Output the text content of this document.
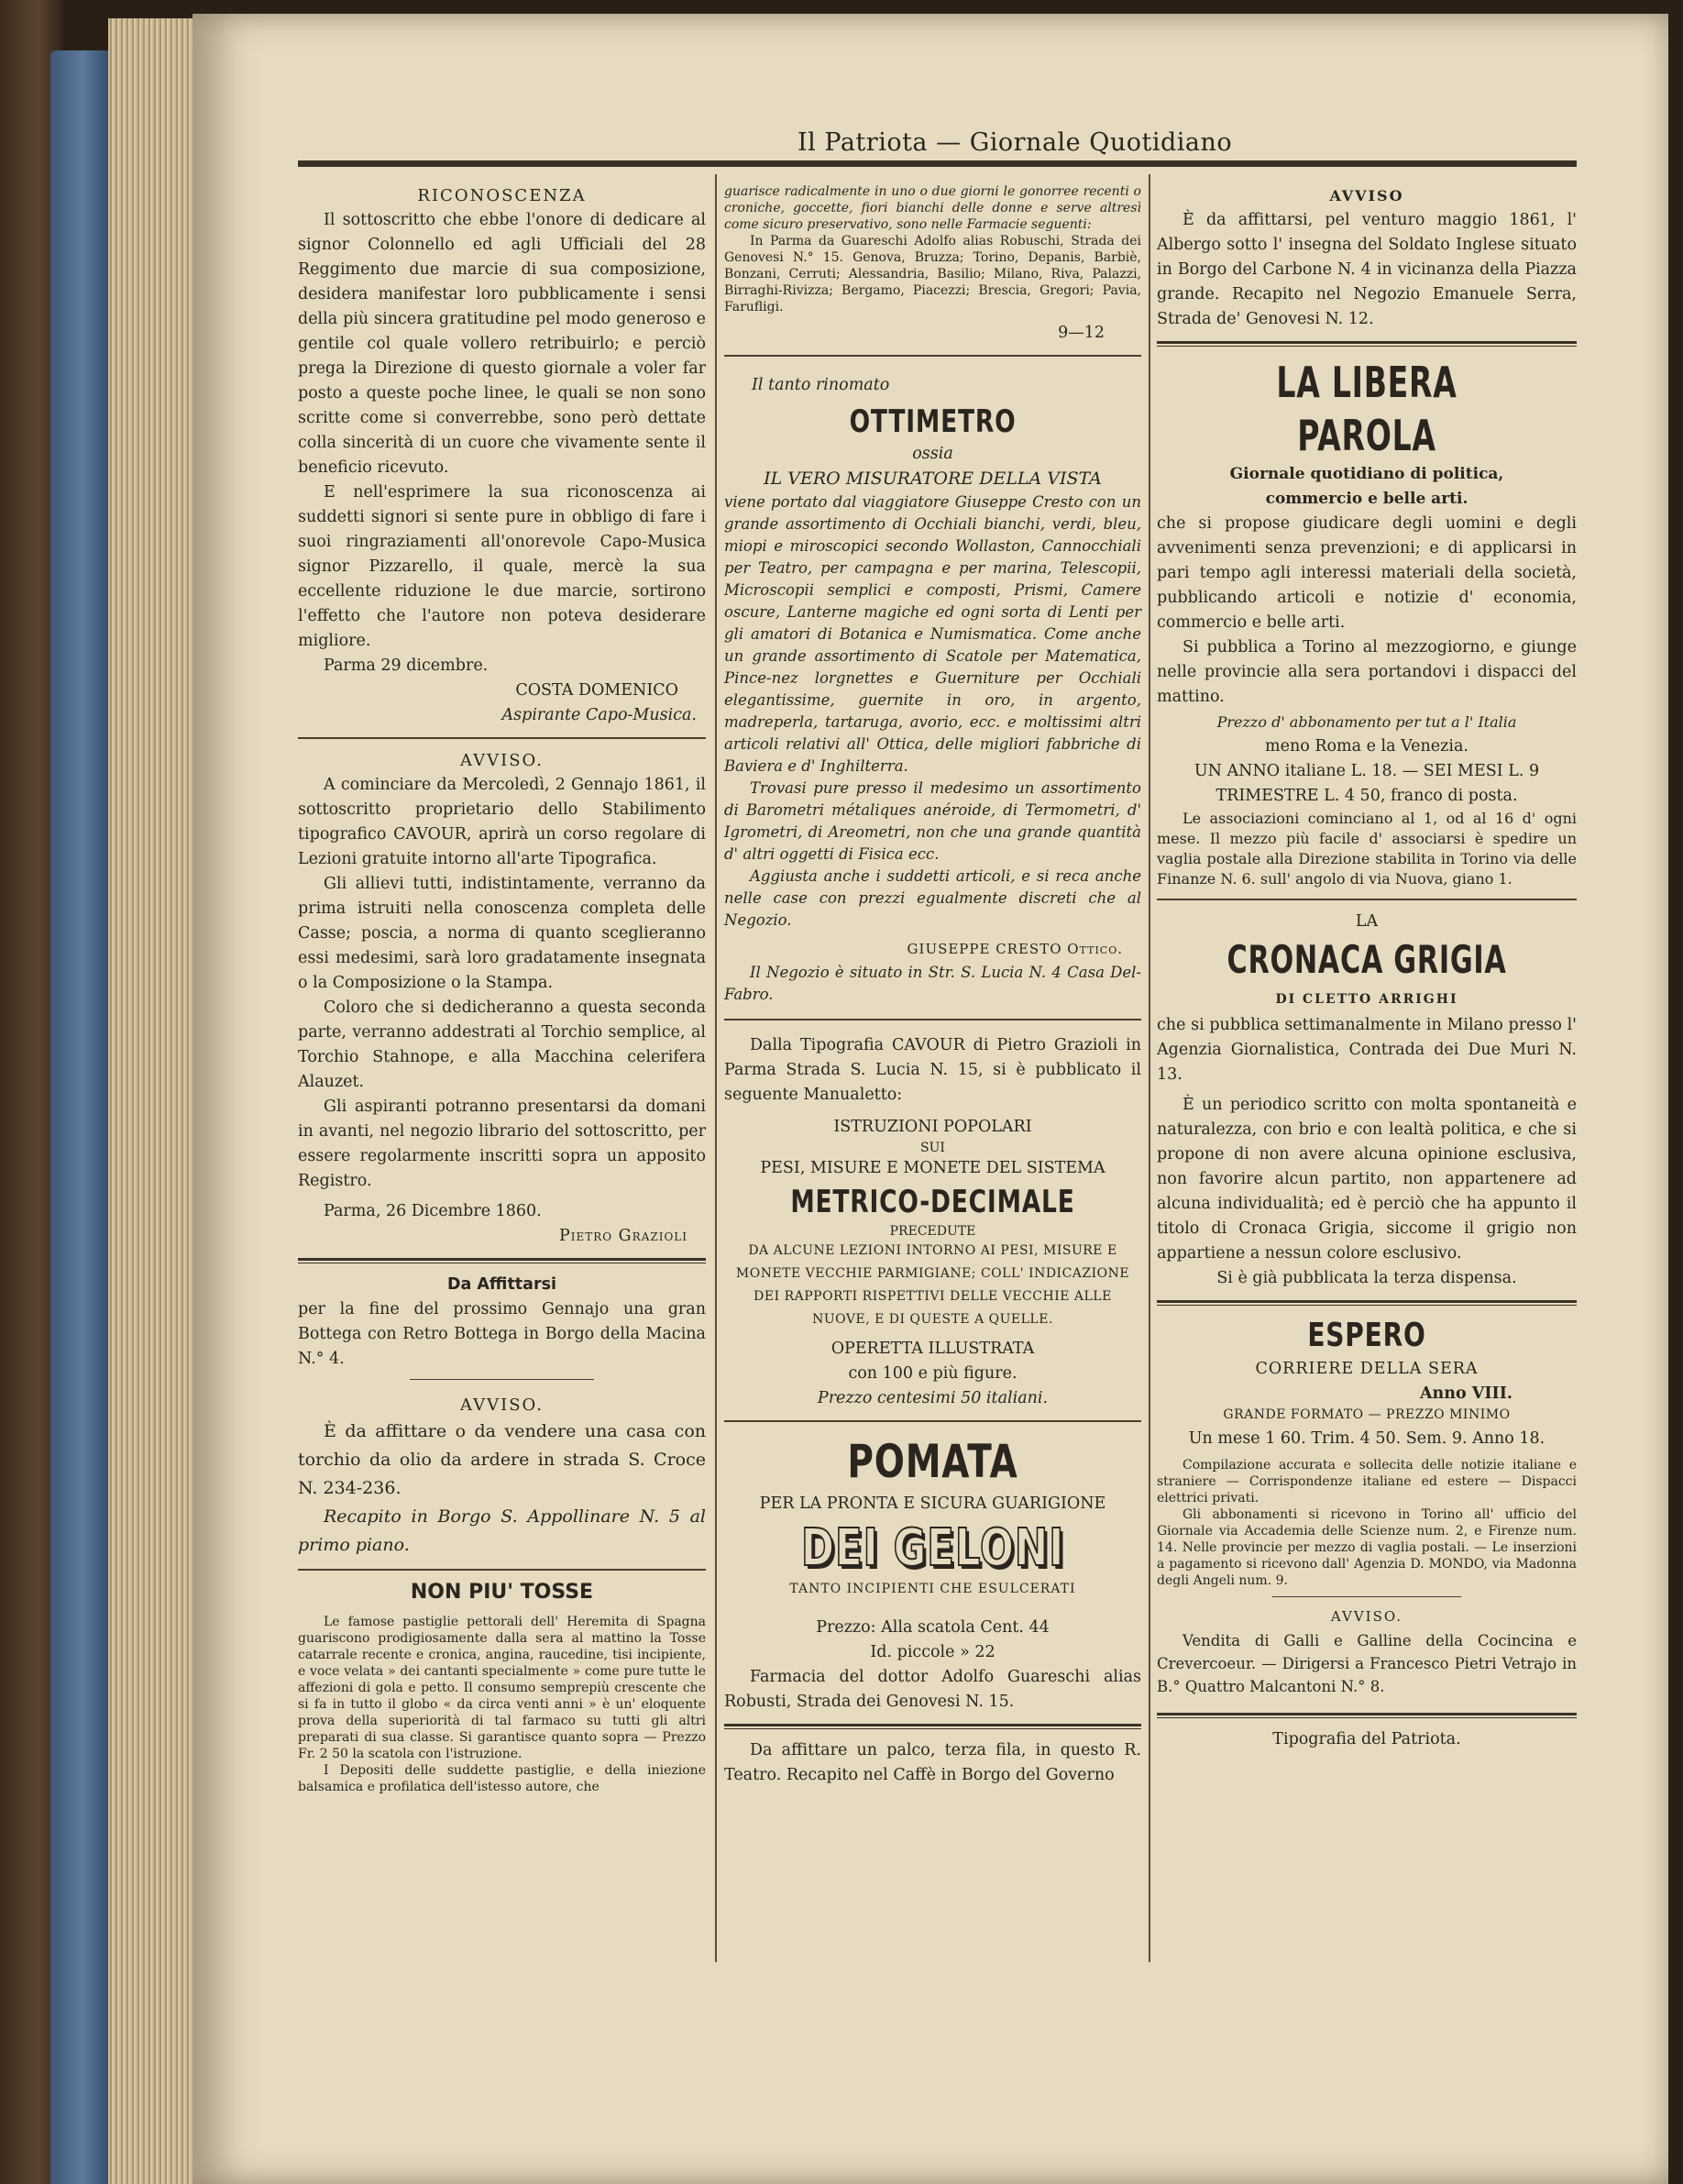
Il Patriota — Giornale Quotidiano
RICONOSCENZA

Il sottoscritto che ebbe l'onore di dedicare al signor Colonnello ed agli Ufficiali del 28 Reggimento due marcie di sua composizione, desidera manifestar loro pubblicamente i sensi della più sincera gratitudine pel modo generoso e gentile col quale vollero retribuirlo; e perciò prega la Direzione di questo giornale a voler far posto a queste poche linee, le quali se non sono scritte come si converrebbe, sono però dettate colla sincerità di un cuore che vivamente sente il beneficio ricevuto.

E nell'esprimere la sua riconoscenza ai suddetti signori si sente pure in obbligo di fare i suoi ringraziamenti all'onorevole Capo-Musica signor Pizzarello, il quale, mercè la sua eccellente riduzione le due marcie, sortirono l'effetto che l'autore non poteva desiderare migliore.

Parma 29 dicembre.

COSTA DOMENICO

Aspirante Capo-Musica.

AVVISO.

A cominciare da Mercoledì, 2 Gennajo 1861, il sottoscritto proprietario dello Stabilimento tipografico CAVOUR, aprirà un corso regolare di Lezioni gratuite intorno all'arte Tipografica.

Gli allievi tutti, indistintamente, verranno da prima istruiti nella conoscenza completa delle Casse; poscia, a norma di quanto sceglieranno essi medesimi, sarà loro gradatamente insegnata o la Composizione o la Stampa.

Coloro che si dedicheranno a questa seconda parte, verranno addestrati al Torchio semplice, al Torchio Stahnope, e alla Macchina celerifera Alauzet.

Gli aspiranti potranno presentarsi da domani in avanti, nel negozio librario del sottoscritto, per essere regolarmente inscritti sopra un apposito Registro.

Parma, 26 Dicembre 1860.

Pietro Grazioli

Da Affittarsi

per la fine del prossimo Gennajo una gran Bottega con Retro Bottega in Borgo della Macina N.° 4.

AVVISO.

È da affittare o da vendere una casa con torchio da olio da ardere in strada S. Croce N. 234-236.

Recapito in Borgo S. Appollinare N. 5 al primo piano.

NON PIU' TOSSE

Le famose pastiglie pettorali dell' Heremita di Spagna guariscono prodigiosamente dalla sera al mattino la Tosse catarrale recente e cronica, angina, raucedine, tisi incipiente, e voce velata » dei cantanti specialmente » come pure tutte le affezioni di gola e petto. Il consumo semprepiù crescente che si fa in tutto il globo « da circa venti anni » è un' eloquente prova della superiorità di tal farmaco su tutti gli altri preparati di sua classe. Si garantisce quanto sopra — Prezzo Fr. 2 50 la scatola con l'istruzione.

I Depositi delle suddette pastiglie, e della iniezione balsamica e profilatica dell'istesso autore, che

guarisce radicalmente in uno o due giorni le gonorree recenti o croniche, goccette, fiori bianchi delle donne e serve altresì come sicuro preservativo, sono nelle Farmacie seguenti:

In Parma da Guareschi Adolfo alias Robuschi, Strada dei Genovesi N.° 15. Genova, Bruzza; Torino, Depanis, Barbiè, Bonzani, Cerruti; Alessandria, Basilio; Milano, Riva, Palazzi, Birraghi-Rivizza; Bergamo, Piacezzi; Brescia, Gregori; Pavia, Farufligi.

9—12

Il tanto rinomato

OTTIMETRO

ossia

IL VERO MISURATORE DELLA VISTA

viene portato dal viaggiatore Giuseppe Cresto con un grande assortimento di Occhiali bianchi, verdi, bleu, miopi e miroscopici secondo Wollaston, Cannocchiali per Teatro, per campagna e per marina, Telescopii, Microscopii semplici e composti, Prismi, Camere oscure, Lanterne magiche ed ogni sorta di Lenti per gli amatori di Botanica e Numismatica. Come anche un grande assortimento di Scatole per Matematica, Pince-nez lorgnettes e Guerniture per Occhiali elegantissime, guernite in oro, in argento, madreperla, tartaruga, avorio, ecc. e moltissimi altri articoli relativi all' Ottica, delle migliori fabbriche di Baviera e d' Inghilterra.

Trovasi pure presso il medesimo un assortimento di Barometri métaliques anéroide, di Termometri, d' Igrometri, di Areometri, non che una grande quantità d' altri oggetti di Fisica ecc.

Aggiusta anche i suddetti articoli, e si reca anche nelle case con prezzi egualmente discreti che al Negozio.

GIUSEPPE CRESTO Ottico.

Il Negozio è situato in Str. S. Lucia N. 4 Casa Del-Fabro.

Dalla Tipografia CAVOUR di Pietro Grazioli in Parma Strada S. Lucia N. 15, si è pubblicato il seguente Manualetto:

ISTRUZIONI POPOLARI

SUI

PESI, MISURE E MONETE DEL SISTEMA

METRICO-DECIMALE

PRECEDUTE

DA ALCUNE LEZIONI INTORNO AI PESI, MISURE E MONETE VECCHIE PARMIGIANE; COLL' INDICAZIONE DEI RAPPORTI RISPETTIVI DELLE VECCHIE ALLE NUOVE, E DI QUESTE A QUELLE.

OPERETTA ILLUSTRATA

con 100 e più figure.

Prezzo centesimi 50 italiani.

POMATA

PER LA PRONTA E SICURA GUARIGIONE

DEI GELONI

TANTO INCIPIENTI CHE ESULCERATI

Prezzo: Alla scatola Cent. 44

Id. piccole » 22

Farmacia del dottor Adolfo Guareschi alias Robusti, Strada dei Genovesi N. 15.

Da affittare un palco, terza fila, in questo R. Teatro. Recapito nel Caffè in Borgo del Governo

AVVISO

È da affittarsi, pel venturo maggio 1861, l' Albergo sotto l' insegna del Soldato Inglese situato in Borgo del Carbone N. 4 in vicinanza della Piazza grande. Recapito nel Negozio Emanuele Serra, Strada de' Genovesi N. 12.

LA LIBERA PAROLA

Giornale quotidiano di politica,

commercio e belle arti.

che si propose giudicare degli uomini e degli avvenimenti senza prevenzioni; e di applicarsi in pari tempo agli interessi materiali della società, pubblicando articoli e notizie d' economia, commercio e belle arti.

Si pubblica a Torino al mezzogiorno, e giunge nelle provincie alla sera portandovi i dispacci del mattino.

Prezzo d' abbonamento per tut a l' Italia

meno Roma e la Venezia.

UN ANNO italiane L. 18. — SEI MESI L. 9

TRIMESTRE L. 4 50, franco di posta.

Le associazioni cominciano al 1, od al 16 d' ogni mese. Il mezzo più facile d' associarsi è spedire un vaglia postale alla Direzione stabilita in Torino via delle Finanze N. 6. sull' angolo di via Nuova, giano 1.

LA

CRONACA GRIGIA

DI CLETTO ARRIGHI

che si pubblica settimanalmente in Milano presso l' Agenzia Giornalistica, Contrada dei Due Muri N. 13.

È un periodico scritto con molta spontaneità e naturalezza, con brio e con lealtà politica, e che si propone di non avere alcuna opinione esclusiva, non favorire alcun partito, non appartenere ad alcuna individualità; ed è perciò che ha appunto il titolo di Cronaca Grigia, siccome il grigio non appartiene a nessun colore esclusivo.

Si è già pubblicata la terza dispensa.

ESPERO

CORRIERE DELLA SERA

Anno VIII.

GRANDE FORMATO — PREZZO MINIMO

Un mese 1 60. Trim. 4 50. Sem. 9. Anno 18.

Compilazione accurata e sollecita delle notizie italiane e straniere — Corrispondenze italiane ed estere — Dispacci elettrici privati.

Gli abbonamenti si ricevono in Torino all' ufficio del Giornale via Accademia delle Scienze num. 2, e Firenze num. 14. Nelle provincie per mezzo di vaglia postali. — Le inserzioni a pagamento si ricevono dall' Agenzia D. MONDO, via Madonna degli Angeli num. 9.

AVVISO.

Vendita di Galli e Galline della Cocincina e Crevercoeur. — Dirigersi a Francesco Pietri Vetrajo in B.° Quattro Malcantoni N.° 8.

Tipografia del Patriota.
